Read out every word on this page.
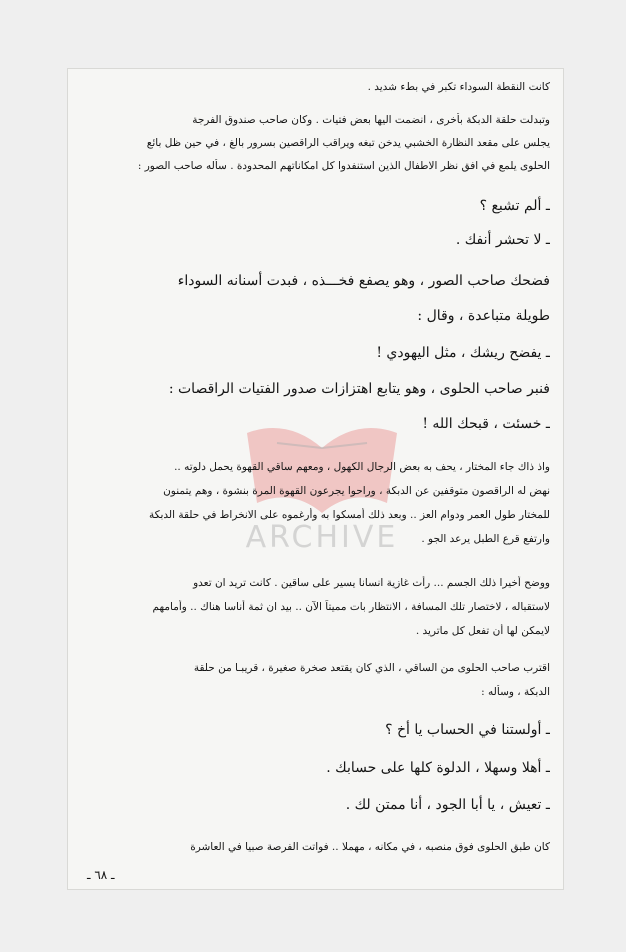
ARCHIVE
كانت النقطة السوداء تكبر في بطء شديد .
وتبدلت حلقة الدبكة بأخرى ، انضمت اليها بعض فتيات . وكان صاحب صندوق الفرجة
يجلس على مقعد النظارة الخشبي يدخن تبغه ويراقب الراقصين بسرور بالغ ، في حين ظل بائع
الحلوى يلمع في افق نظر الاطفال الذين استنفدوا كل امكاناتهم المحدودة . سأله صاحب الصور :
ـ ألم تشبع ؟
ـ لا تحشر أنفك .
فضحك صاحب الصور ، وهو يصفع فخـــذه ، فبدت أسنانه السوداء
طويلة متباعدة ، وقال :
ـ يفضح ريشك ، مثل اليهودي !
فنبر صاحب الحلوى ، وهو يتابع اهتزازات صدور الفتيات الراقصات :
ـ خسئت ، قبحك الله !
واذ ذاك جاء المختار ، يحف به بعض الرجال الكهول ، ومعهم ساقي القهوة يحمل دلوته ..
نهض له الراقصون متوقفين عن الدبكة ، وراحوا يجرعون القهوة المرة بنشوة ، وهم يتمنون
للمختار طول العمر ودوام العز .. وبعد ذلك أمسكوا به وأرغموه على الانخراط في حلقة الدبكة
وارتفع قرع الطبل يرعد الجو .
ووضح أخيرا ذلك الجسم ... رأت غازية انسانا يسير على ساقين . كانت تريد ان تعدو
لاستقباله ، لاختصار تلك المسافة ، الانتظار بات مميتاً الآن .. بيد ان ثمة أناسا هناك .. وأمامهم
لايمكن لها أن تفعل كل ماتريد .
اقترب صاحب الحلوى من الساقي ، الذي كان يقتعد صخرة صغيرة ، قريبـا من حلقة
الدبكة ، وسأله :
ـ أولستنا في الحساب يا أخ ؟
ـ أهلا وسهلا ، الدلوة كلها على حسابك .
ـ تعيش ، يا أبا الجود ، أنا ممتن لك .
كان طبق الحلوى فوق منصبه ، في مكانه ، مهملا .. فواتت الفرصة صبيا في العاشرة
ـ ٦٨ ـ
